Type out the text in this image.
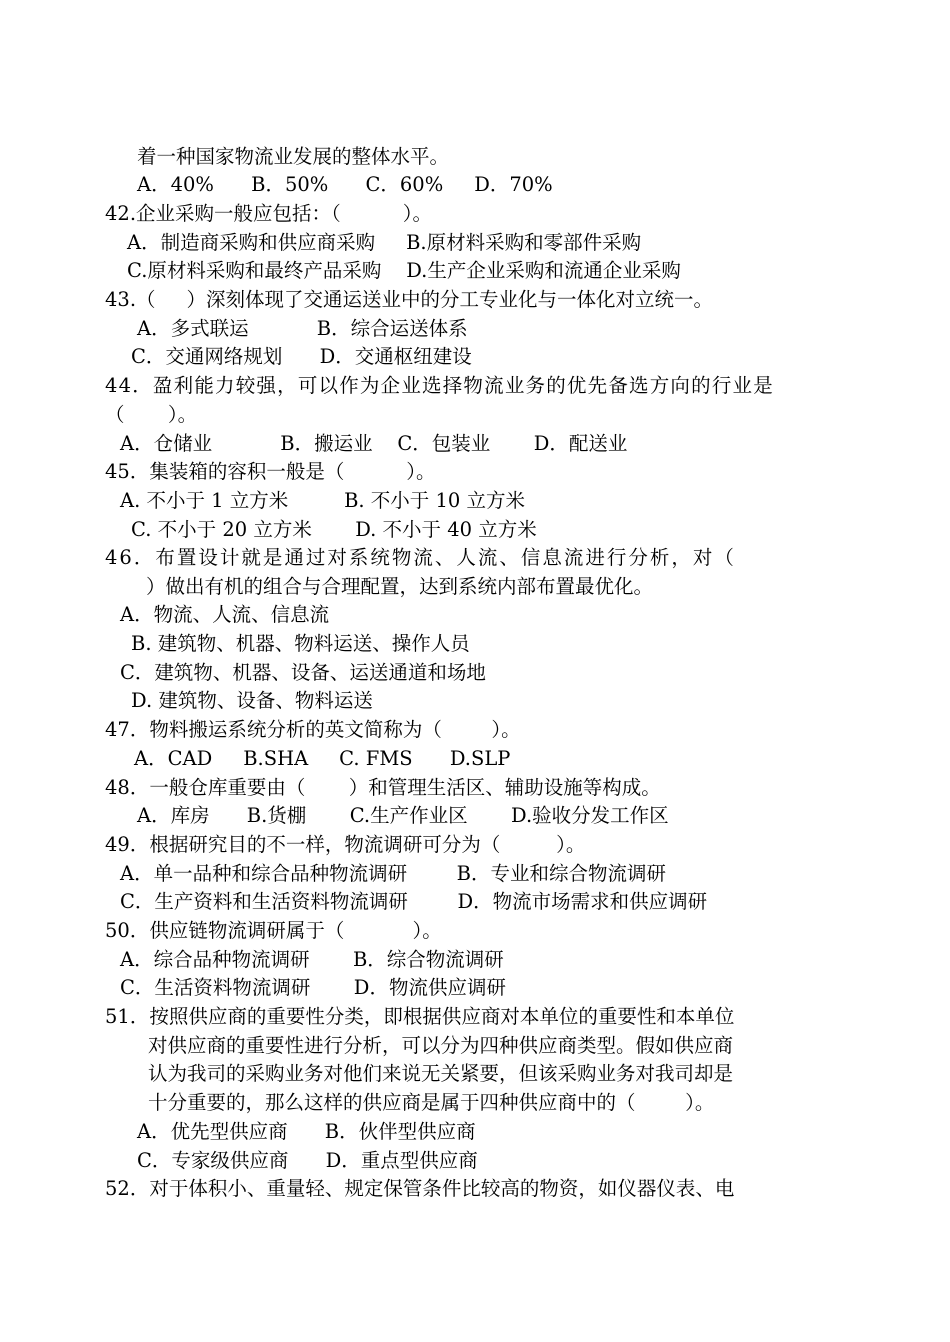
着一种国家物流业发展的整体水平。
A．40%      B．50%      C．60%     D．70%
42.企业采购一般应包括：（          ）。
A．制造商采购和供应商采购     B.原材料采购和零部件采购
C.原材料采购和最终产品采购    D.生产企业采购和流通企业采购
43.（     ）深刻体现了交通运送业中的分工专业化与一体化对立统一。
A．多式联运           B．综合运送体系
C．交通网络规划      D．交通枢纽建设
44．盈利能力较强，可以作为企业选择物流业务的优先备选方向的行业是
（       ）。
A．仓储业           B．搬运业    C．包装业       D．配送业
45．集装箱的容积一般是（          ）。
A. 不小于 1 立方米         B. 不小于 10 立方米
C. 不小于 20 立方米       D. 不小于 40 立方米
46．布置设计就是通过对系统物流、人流、信息流进行分析，对（
）做出有机的组合与合理配置，达到系统内部布置最优化。
A．物流、人流、信息流
B. 建筑物、机器、物料运送、操作人员
C．建筑物、机器、设备、运送通道和场地
D. 建筑物、设备、物料运送
47．物料搬运系统分析的英文简称为（        ）。
A．CAD     B.SHA     C. FMS      D.SLP
48．一般仓库重要由（       ）和管理生活区、辅助设施等构成。
A．库房      B.货棚       C.生产作业区       D.验收分发工作区
49．根据研究目的不一样，物流调研可分为（         ）。
A．单一品种和综合品种物流调研        B．专业和综合物流调研
C．生产资料和生活资料物流调研        D．物流市场需求和供应调研
50．供应链物流调研属于（           ）。
A．综合品种物流调研       B．综合物流调研
C．生活资料物流调研       D．物流供应调研
51．按照供应商的重要性分类，即根据供应商对本单位的重要性和本单位
对供应商的重要性进行分析，可以分为四种供应商类型。假如供应商
认为我司的采购业务对他们来说无关紧要，但该采购业务对我司却是
十分重要的，那么这样的供应商是属于四种供应商中的（        ）。
A．优先型供应商      B．伙伴型供应商
C．专家级供应商      D．重点型供应商
52．对于体积小、重量轻、规定保管条件比较高的物资，如仪器仪表、电
